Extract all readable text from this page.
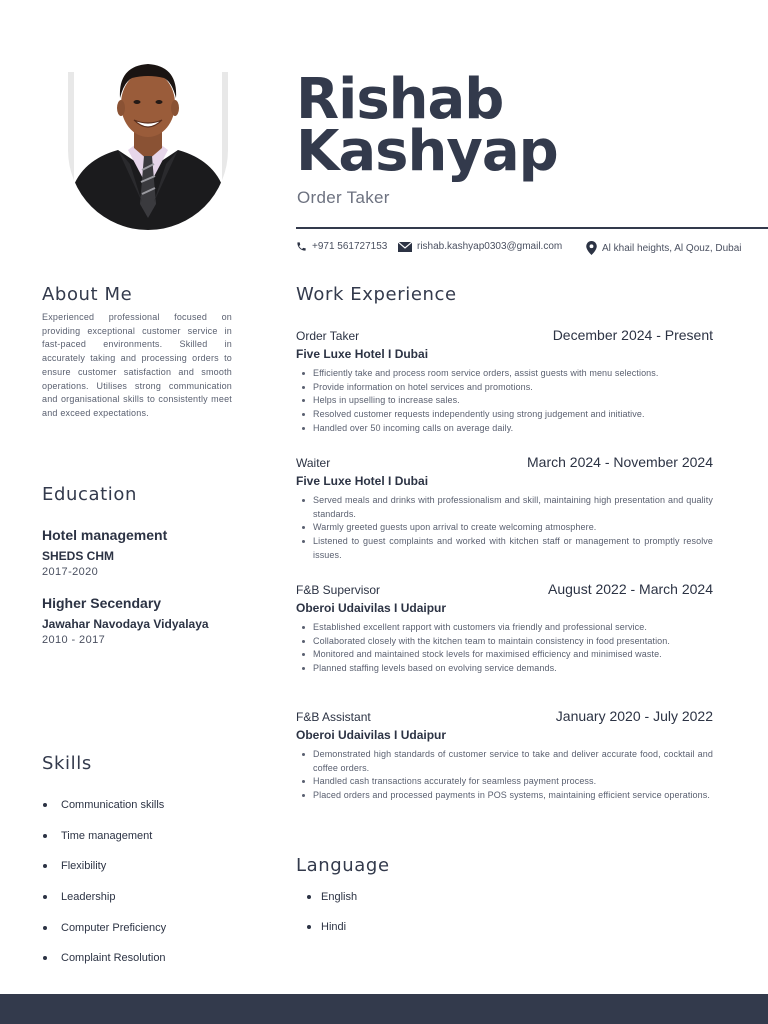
Rishab
Kashyap
Order Taker
+971 561727153	rishab.kashyap0303@gmail.com	Al khail heights, Al Qouz, Dubai
About Me

Experienced professional focused on providing exceptional customer service in fast-paced environments. Skilled in accurately taking and processing orders to ensure customer satisfaction and smooth operations. Utilises strong communication and organisational skills to consistently meet and exceed expectations.

Education

Hotel management

SHEDS CHM

2017-2020

Higher Secendary

Jawahar Navodaya Vidyalaya

2010 - 2017

Skills
Communication skills
Time management
Flexibility
Leadership
Computer Preficiency
Complaint Resolution
Work Experience
Order Taker	December 2024 - Present
Five Luxe Hotel I Dubai
Efficiently take and process room service orders, assist guests with menu selections.
Provide information on hotel services and promotions.
Helps in upselling to increase sales.
Resolved customer requests independently using strong judgement and initiative.
Handled over 50 incoming calls on average daily.
Waiter	March 2024 - November 2024
Five Luxe Hotel I Dubai
Served meals and drinks with professionalism and skill, maintaining high presentation and quality standards.
Warmly greeted guests upon arrival to create welcoming atmosphere.
Listened to guest complaints and worked with kitchen staff or management to promptly resolve issues.
F&B Supervisor	August 2022 - March 2024
Oberoi Udaivilas I Udaipur
Established excellent rapport with customers via friendly and professional service.
Collaborated closely with the kitchen team to maintain consistency in food presentation.
Monitored and maintained stock levels for maximised efficiency and minimised waste.
Planned staffing levels based on evolving service demands.
F&B Assistant	January 2020 - July 2022
Oberoi Udaivilas I Udaipur
Demonstrated high standards of customer service to take and deliver accurate food, cocktail and coffee orders.
Handled cash transactions accurately for seamless payment process.
Placed orders and processed payments in POS systems, maintaining efficient service operations.
Language
English
Hindi
